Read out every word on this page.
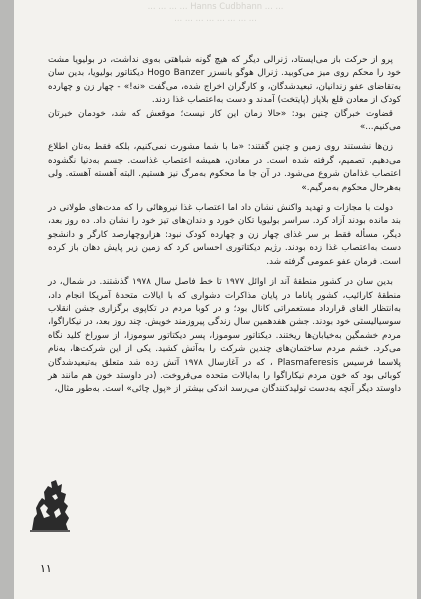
... ... ... ... Hanns Cudbhann ... ...
... ... ... ... ... ... ... ...

پرو از حرکت باز می‌ایستاد، ژنرالی دیگر که هیچ گونه شباهتی به‌وی نداشت، در بولیویا مشت خود را محکم روی میز می‌کوبید. ژنرال هوگو بانسزر Hogo Banzer دیکتاتور بولیویا، بدین سان به‌تقاضای عفو زندانیان، تبعیدشدگان، و کارگران اخراج شده، می‌گفت «نه!» - چهار زن و چهارده کودک از معادن قلع بلاپاز (پایتخت) آمدند و دست به‌اعتصاب غذا زدند.

قضاوت خبرگان چنین بود: «حالا زمان این کار نیست؛ موقعش که شد، خودمان خبرتان می‌کنیم...»

زن‌ها نشستند روی زمین و چنین گفتند: «ما با شما مشورت نمی‌کنیم، بلکه فقط به‌تان اطلاع می‌دهیم. تصمیم، گرفته شده است. در معادن، همیشه اعتصاب غذاست. جسم به‌دنیا نگشوده اعتصاب غذامان شروع می‌شود. در آن جا ما محکوم به‌مرگ نیز هستیم. البته آهسته آهسته. ولی به‌هرحال محکوم به‌مرگیم.»

دولت با مجازات و تهدید واکنش نشان داد اما اعتصاب غذا نیرو‌هائی را که مدت‌های طولانی در بند مانده بودند آزاد کرد. سراسر بولیویا تکان خورد و دندان‌های تیز خود را نشان داد. ده روز بعد، دیگر، مسأله فقط بر سر غذای چهار زن و چهارده کودک نبود: هزاروچهارصد کارگر و دانشجو دست به‌اعتصاب غذا زده بودند. رژیم دیکتاتوری احساس کرد که زمین زیر پایش دهان باز کرده است. فرمان عفو عمومی گرفته شد.

بدین سان در کشور منطقهٔ آند از اوائل ۱۹۷۷ تا خط فاصل سال ۱۹۷۸ گذشتند. در شمال، در منطقهٔ کارائیب، کشور پاناما در پایان مذاکرات دشواری که با ایالات متحدهٔ آمریکا انجام داد، به‌انتظار الغای قرارداد مستعمراتی کانال بود؛ و در کوبا مردم در تکاپوی برگزاری جشن انقلاب سوسیالیستی خود بودند. جشن هفدهمین سال زندگی پیروزمند خویش. چند روز بعد، در نیکاراگوا، مردم خشمگین به‌خیابان‌ها ریختند. دیکتاتور سوموزا، پسر دیکتاتور سوموزا، از سوراخ کلید نگاه می‌کرد. خشم مردم ساختمان‌های چندین شرکت را به‌آتش کشید. یکی از این شرکت‌ها، به‌نام پلاسما فرسیس Plasmaferesis ، که در آغازسال ۱۹۷۸ آتش زده شد متعلق به‌تبعیدشدگان کوبائی بود که خون مردم نیکاراگوا را به‌ایالات متحده می‌فروخت. (در داوستد خون هم مانند هر داوستد دیگر آنچه به‌دست تولیدکنندگان می‌رسد اندکی بیشتر از «پول چائی» است. به‌طور مثال،

۱۱
